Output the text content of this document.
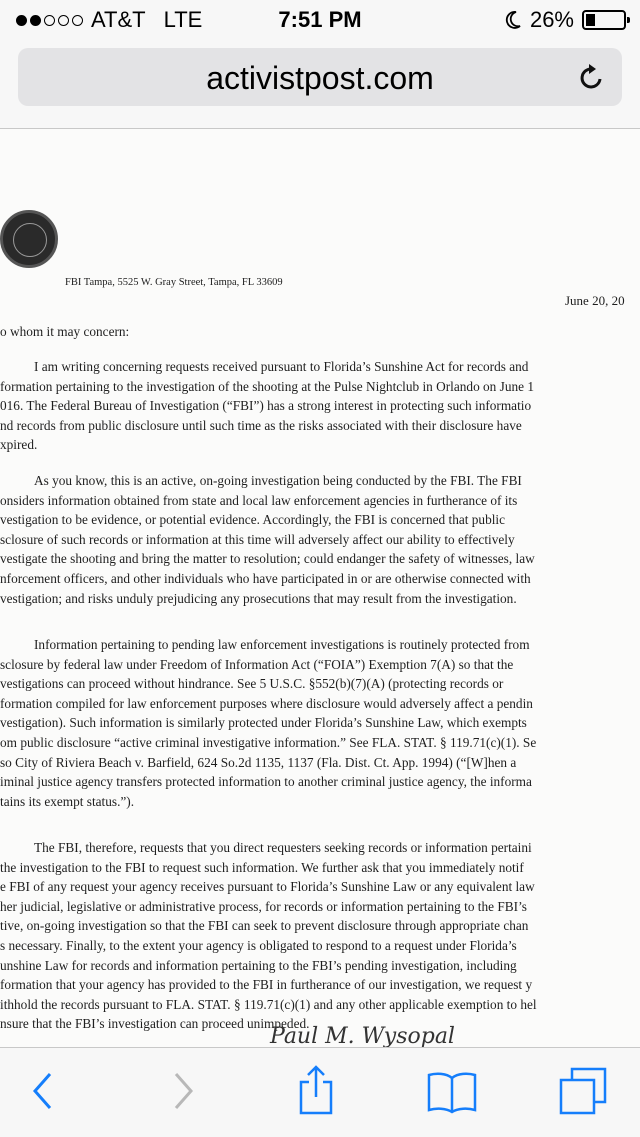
AT&T LTE	7:51 PM	26%
activistpost.com
FBI Tampa, 5525 W. Gray Street, Tampa, FL 33609
June 20, 20
o whom it may concern:
I am writing concerning requests received pursuant to Florida’s Sunshine Act for records and
formation pertaining to the investigation of the shooting at the Pulse Nightclub in Orlando on June 1
016. The Federal Bureau of Investigation (“FBI”) has a strong interest in protecting such informatio
nd records from public disclosure until such time as the risks associated with their disclosure have
xpired.
As you know, this is an active, on-going investigation being conducted by the FBI. The FBI
onsiders information obtained from state and local law enforcement agencies in furtherance of its
vestigation to be evidence, or potential evidence. Accordingly, the FBI is concerned that public
sclosure of such records or information at this time will adversely affect our ability to effectively
vestigate the shooting and bring the matter to resolution; could endanger the safety of witnesses, law
nforcement officers, and other individuals who have participated in or are otherwise connected with
vestigation; and risks unduly prejudicing any prosecutions that may result from the investigation.
Information pertaining to pending law enforcement investigations is routinely protected from
sclosure by federal law under Freedom of Information Act (“FOIA”) Exemption 7(A) so that the
vestigations can proceed without hindrance. See 5 U.S.C. §552(b)(7)(A) (protecting records or
formation compiled for law enforcement purposes where disclosure would adversely affect a pendin
vestigation). Such information is similarly protected under Florida’s Sunshine Law, which exempts
om public disclosure “active criminal investigative information.” See FLA. STAT. § 119.71(c)(1). Se
so City of Riviera Beach v. Barfield, 624 So.2d 1135, 1137 (Fla. Dist. Ct. App. 1994) (“[W]hen a
iminal justice agency transfers protected information to another criminal justice agency, the informa
tains its exempt status.”).
The FBI, therefore, requests that you direct requesters seeking records or information pertaini
the investigation to the FBI to request such information. We further ask that you immediately notif
e FBI of any request your agency receives pursuant to Florida’s Sunshine Law or any equivalent law
her judicial, legislative or administrative process, for records or information pertaining to the FBI’s
tive, on-going investigation so that the FBI can seek to prevent disclosure through appropriate chan
s necessary. Finally, to the extent your agency is obligated to respond to a request under Florida’s
unshine Law for records and information pertaining to the FBI’s pending investigation, including
formation that your agency has provided to the FBI in furtherance of our investigation, we request y
ithhold the records pursuant to FLA. STAT. § 119.71(c)(1) and any other applicable exemption to hel
nsure that the FBI’s investigation can proceed unimpeded.
Paul M. Wysopal
